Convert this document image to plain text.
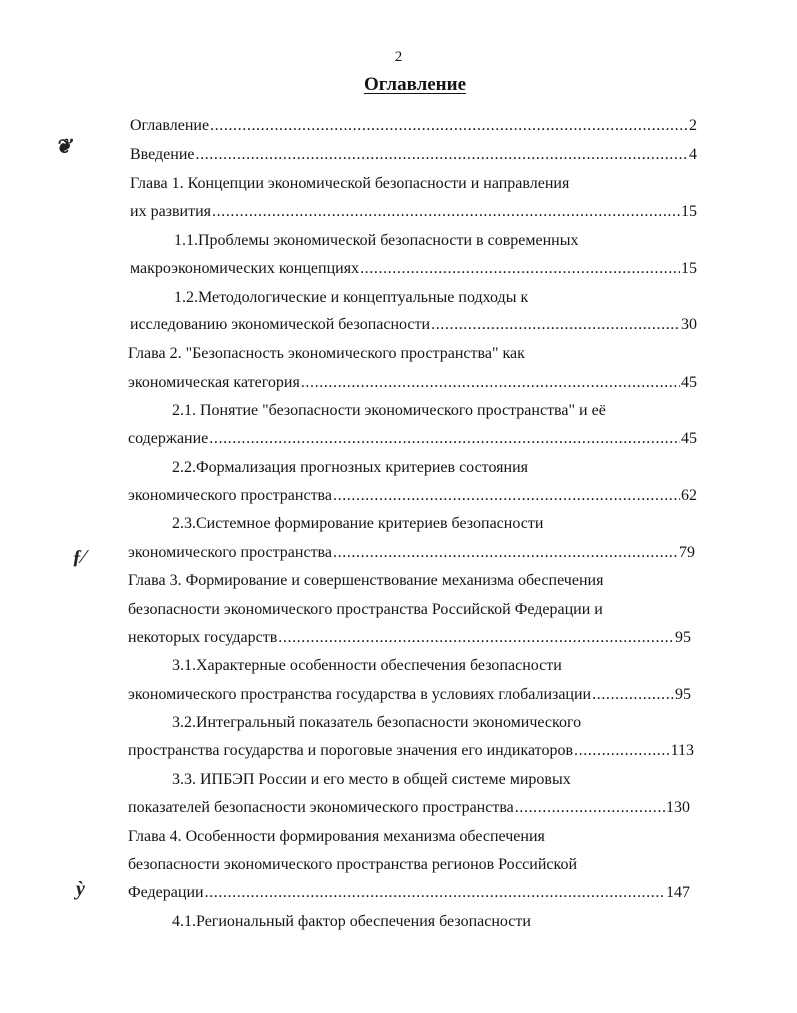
2
Оглавление
❦
ƒ⁄
ỳ
Оглавление .....	2
Введение .....	4
Глава 1. Концепции экономической безопасности и направления
их развития .....	15
1.1.Проблемы экономической безопасности в современных
макроэкономических концепциях .....	15
1.2.Методологические и концептуальные подходы к
исследованию экономической безопасности .....	30
Глава 2. "Безопасность экономического пространства" как
экономическая категория .....	45
2.1. Понятие "безопасности экономического пространства" и её
содержание .....	45
2.2.Формализация прогнозных критериев состояния
экономического пространства .....	62
2.3.Системное формирование критериев безопасности
экономического пространства .....	79
Глава 3. Формирование и совершенствование механизма обеспечения
безопасности экономического пространства Российской Федерации и
некоторых государств .....	95
3.1.Характерные особенности обеспечения безопасности
экономического пространства государства в условиях глобализации .....	95
3.2.Интегральный показатель безопасности экономического
пространства государства и пороговые значения его индикаторов .....	113
3.3. ИПБЭП России и его место в общей системе мировых
показателей безопасности экономического пространства .....	130
Глава 4. Особенности формирования механизма обеспечения
безопасности экономического пространства регионов Российской
Федерации .....	147
4.1.Региональный фактор обеспечения безопасности
